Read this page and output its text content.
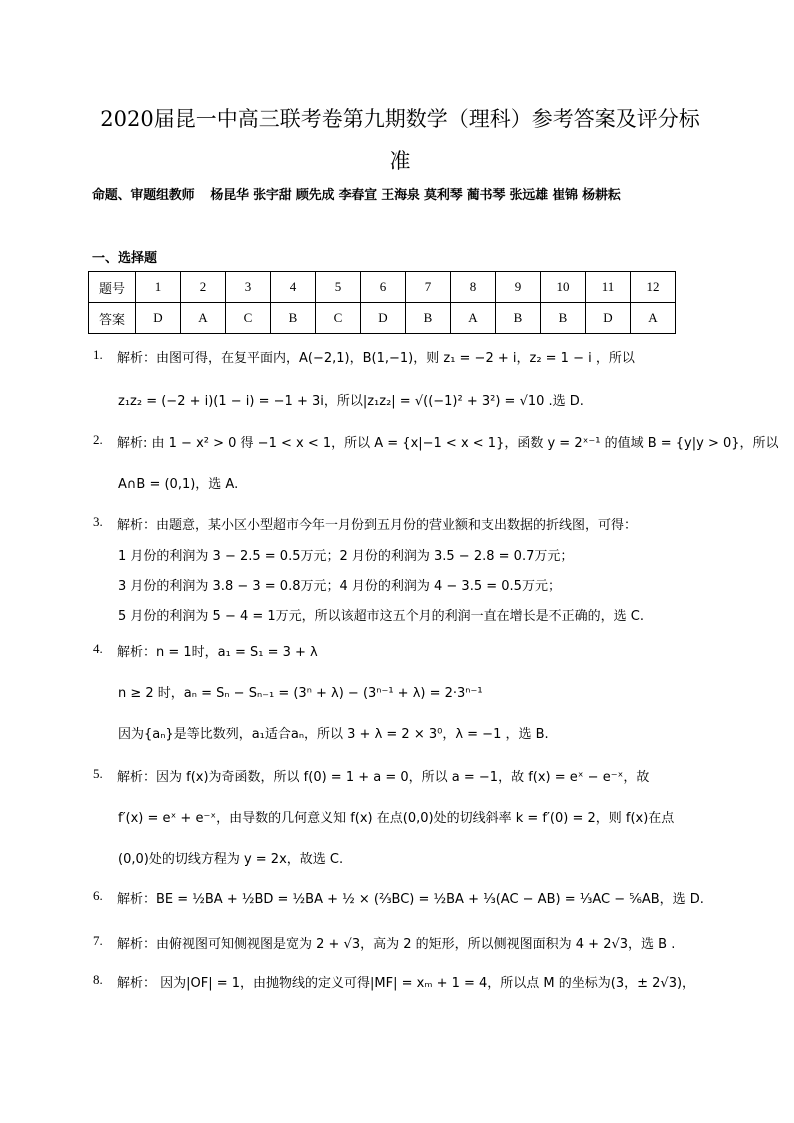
2020届昆一中高三联考卷第九期数学（理科）参考答案及评分标
准
命题、审题组教师 杨昆华 张宇甜 顾先成 李春宣 王海泉 莫利琴 蔺书琴 张远雄 崔锦 杨耕耘
一、选择题
题号	1	2	3	4	5	6	7	8	9	10	11	12
答案	D	A	C	B	C	D	B	A	B	B	D	A
1. 解析：由图可得，在复平面内，A(−2,1)，B(1,−1)，则 z₁ = −2 + i，z₂ = 1 − i ，所以
z₁z₂ = (−2 + i)(1 − i) = −1 + 3i，所以|z₁z₂| = √((−1)² + 3²) = √10 .选 D.
2. 解析: 由 1 − x² > 0 得 −1 < x < 1，所以 A = {x|−1 < x < 1}，函数 y = 2ˣ⁻¹ 的值域 B = {y|y > 0}，所以
A∩B = (0,1)，选 A.
3. 解析：由题意，某小区小型超市今年一月份到五月份的营业额和支出数据的折线图，可得：
1 月份的利润为 3 − 2.5 = 0.5万元；2 月份的利润为 3.5 − 2.8 = 0.7万元；
3 月份的利润为 3.8 − 3 = 0.8万元；4 月份的利润为 4 − 3.5 = 0.5万元；
5 月份的利润为 5 − 4 = 1万元，所以该超市这五个月的利润一直在增长是不正确的，选 C.
4. 解析：n = 1时，a₁ = S₁ = 3 + λ
n ≥ 2 时，aₙ = Sₙ − Sₙ₋₁ = (3ⁿ + λ) − (3ⁿ⁻¹ + λ) = 2·3ⁿ⁻¹
因为{aₙ}是等比数列，a₁适合aₙ，所以 3 + λ = 2 × 3⁰，λ = −1 ，选 B.
5. 解析：因为 f(x)为奇函数，所以 f(0) = 1 + a = 0，所以 a = −1，故 f(x) = eˣ − e⁻ˣ，故
f′(x) = eˣ + e⁻ˣ，由导数的几何意义知 f(x) 在点(0,0)处的切线斜率 k = f′(0) = 2，则 f(x)在点
(0,0)处的切线方程为 y = 2x，故选 C.
6. 解析：BE = ½BA + ½BD = ½BA + ½ × (⅔BC) = ½BA + ⅓(AC − AB) = ⅓AC − ⅚AB，选 D.
7. 解析：由俯视图可知侧视图是宽为 2 + √3，高为 2 的矩形，所以侧视图面积为 4 + 2√3，选 B .
8. 解析： 因为|OF| = 1，由抛物线的定义可得|MF| = xₘ + 1 = 4，所以点 M 的坐标为(3，± 2√3)，
